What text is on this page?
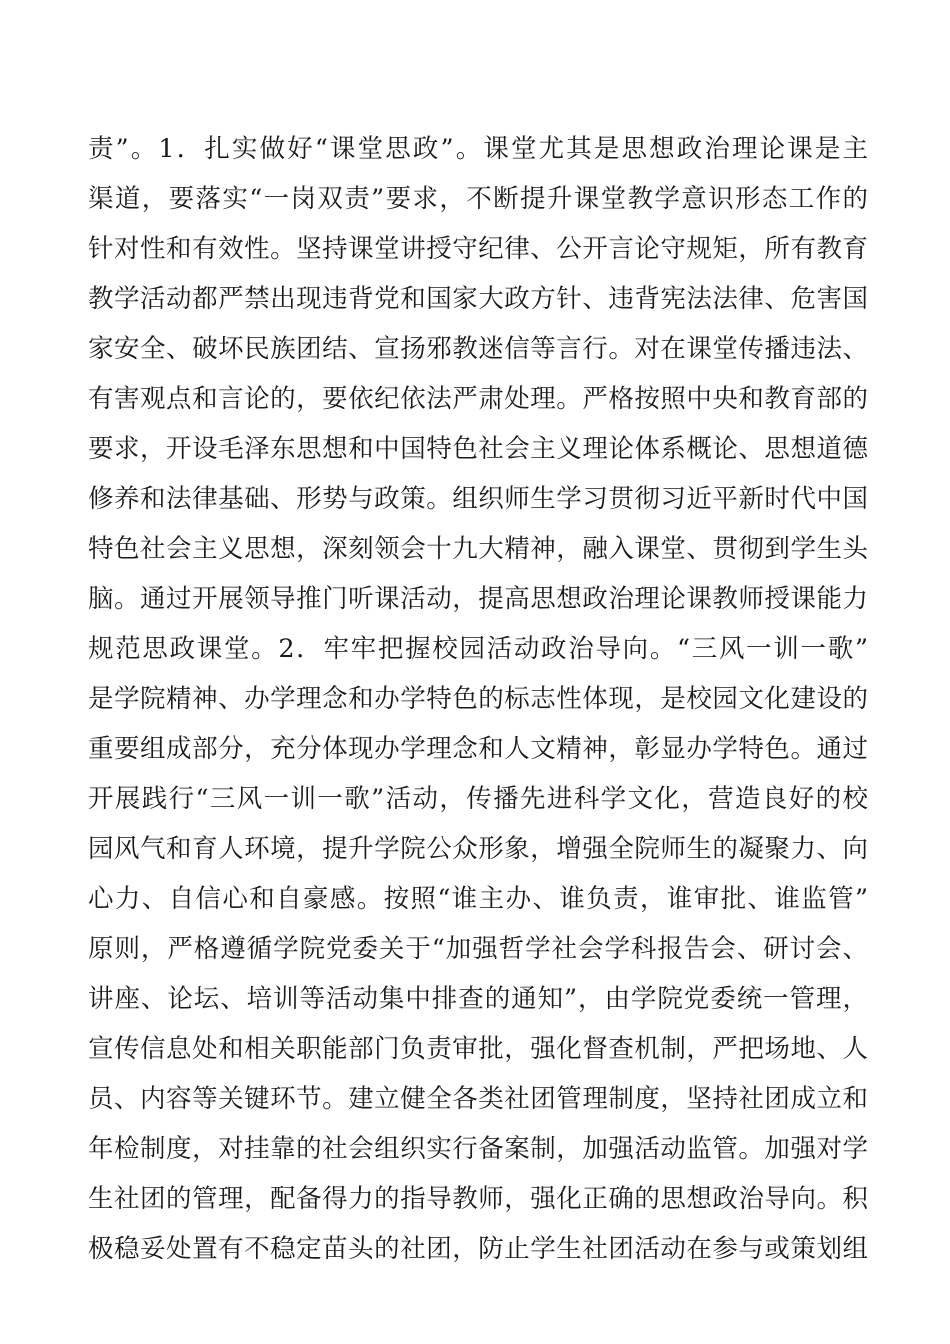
责”。1．扎实做好“课堂思政”。课堂尤其是思想政治理论课是主
渠道，要落实“一岗双责”要求，不断提升课堂教学意识形态工作的
针对性和有效性。坚持课堂讲授守纪律、公开言论守规矩，所有教育
教学活动都严禁出现违背党和国家大政方针、违背宪法法律、危害国
家安全、破坏民族团结、宣扬邪教迷信等言行。对在课堂传播违法、
有害观点和言论的，要依纪依法严肃处理。严格按照中央和教育部的
要求，开设毛泽东思想和中国特色社会主义理论体系概论、思想道德
修养和法律基础、形势与政策。组织师生学习贯彻习近平新时代中国
特色社会主义思想，深刻领会十九大精神，融入课堂、贯彻到学生头
脑。通过开展领导推门听课活动，提高思想政治理论课教师授课能力
规范思政课堂。2．牢牢把握校园活动政治导向。“三风一训一歌”
是学院精神、办学理念和办学特色的标志性体现，是校园文化建设的
重要组成部分，充分体现办学理念和人文精神，彰显办学特色。通过
开展践行“三风一训一歌”活动，传播先进科学文化，营造良好的校
园风气和育人环境，提升学院公众形象，增强全院师生的凝聚力、向
心力、自信心和自豪感。按照“谁主办、谁负责，谁审批、谁监管”
原则，严格遵循学院党委关于“加强哲学社会学科报告会、研讨会、
讲座、论坛、培训等活动集中排查的通知”，由学院党委统一管理，
宣传信息处和相关职能部门负责审批，强化督查机制，严把场地、人
员、内容等关键环节。建立健全各类社团管理制度，坚持社团成立和
年检制度，对挂靠的社会组织实行备案制，加强活动监管。加强对学
生社团的管理，配备得力的指导教师，强化正确的思想政治导向。积
极稳妥处置有不稳定苗头的社团，防止学生社团活动在参与或策划组
